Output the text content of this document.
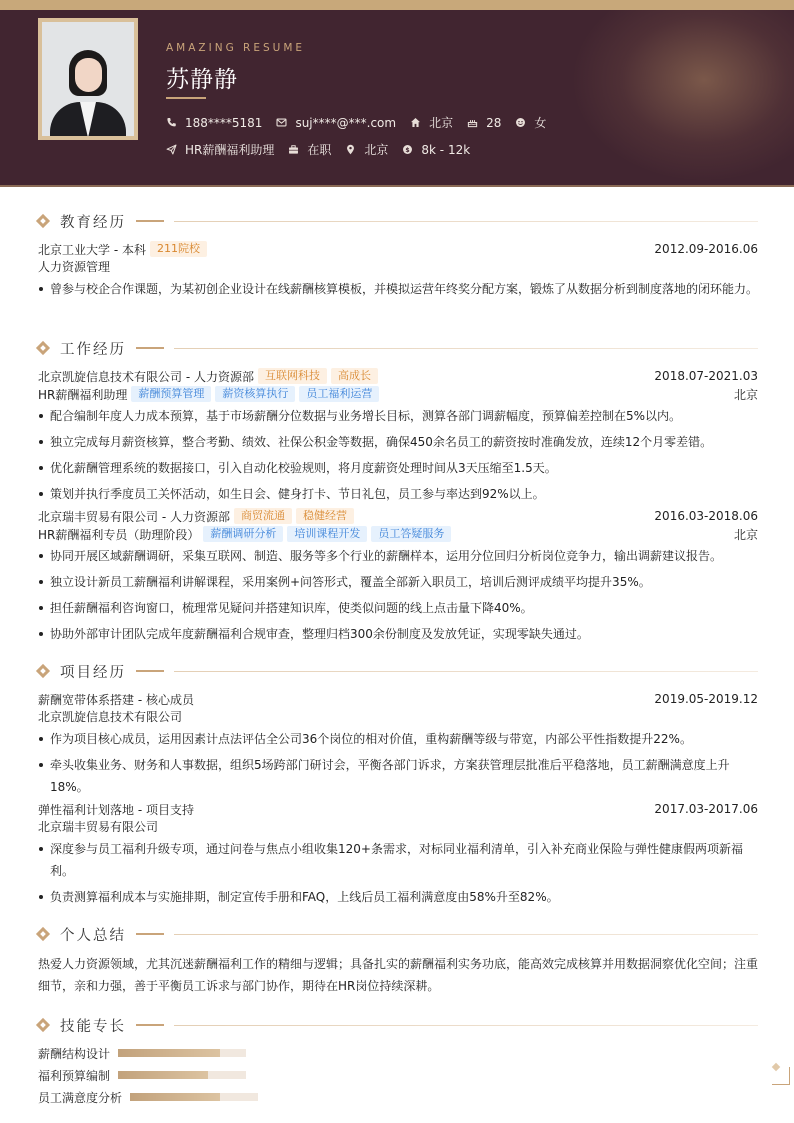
AMAZING RESUME
苏静静
188****5181	suj****@***.com	北京	28	女
HR薪酬福利助理	在职	北京 $ 8k - 12k
教育经历
北京工业大学 - 本科	211院校	2012.09-2016.06
人力资源管理
曾参与校企合作课题，为某初创企业设计在线薪酬核算模板，并模拟运营年终奖分配方案，锻炼了从数据分析到制度落地的闭环能力。
工作经历
北京凯旋信息技术有限公司 - 人力资源部	互联网科技	高成长	2018.07-2021.03
HR薪酬福利助理	薪酬预算管理	薪资核算执行	员工福利运营	北京
配合编制年度人力成本预算，基于市场薪酬分位数据与业务增长目标，测算各部门调薪幅度，预算偏差控制在5%以内。
独立完成每月薪资核算，整合考勤、绩效、社保公积金等数据，确保450余名员工的薪资按时准确发放，连续12个月零差错。
优化薪酬管理系统的数据接口，引入自动化校验规则，将月度薪资处理时间从3天压缩至1.5天。
策划并执行季度员工关怀活动，如生日会、健身打卡、节日礼包，员工参与率达到92%以上。
北京瑞丰贸易有限公司 - 人力资源部	商贸流通	稳健经营	2016.03-2018.06
HR薪酬福利专员（助理阶段）	薪酬调研分析	培训课程开发	员工答疑服务	北京
协同开展区域薪酬调研，采集互联网、制造、服务等多个行业的薪酬样本，运用分位回归分析岗位竞争力，输出调薪建议报告。
独立设计新员工薪酬福利讲解课程，采用案例+问答形式，覆盖全部新入职员工，培训后测评成绩平均提升35%。
担任薪酬福利咨询窗口，梳理常见疑问并搭建知识库，使类似问题的线上点击量下降40%。
协助外部审计团队完成年度薪酬福利合规审查，整理归档300余份制度及发放凭证，实现零缺失通过。
项目经历
薪酬宽带体系搭建 - 核心成员	2019.05-2019.12
北京凯旋信息技术有限公司
作为项目核心成员，运用因素计点法评估全公司36个岗位的相对价值，重构薪酬等级与带宽，内部公平性指数提升22%。
牵头收集业务、财务和人事数据，组织5场跨部门研讨会，平衡各部门诉求，方案获管理层批准后平稳落地，员工薪酬满意度上升18%。
弹性福利计划落地 - 项目支持	2017.03-2017.06
北京瑞丰贸易有限公司
深度参与员工福利升级专项，通过问卷与焦点小组收集120+条需求，对标同业福利清单，引入补充商业保险与弹性健康假两项新福利。
负责测算福利成本与实施排期，制定宣传手册和FAQ，上线后员工福利满意度由58%升至82%。
个人总结
热爱人力资源领域，尤其沉迷薪酬福利工作的精细与逻辑；具备扎实的薪酬福利实务功底，能高效完成核算并用数据洞察优化空间；注重细节，亲和力强，善于平衡员工诉求与部门协作，期待在HR岗位持续深耕。
技能专长
薪酬结构设计
福利预算编制
员工满意度分析
